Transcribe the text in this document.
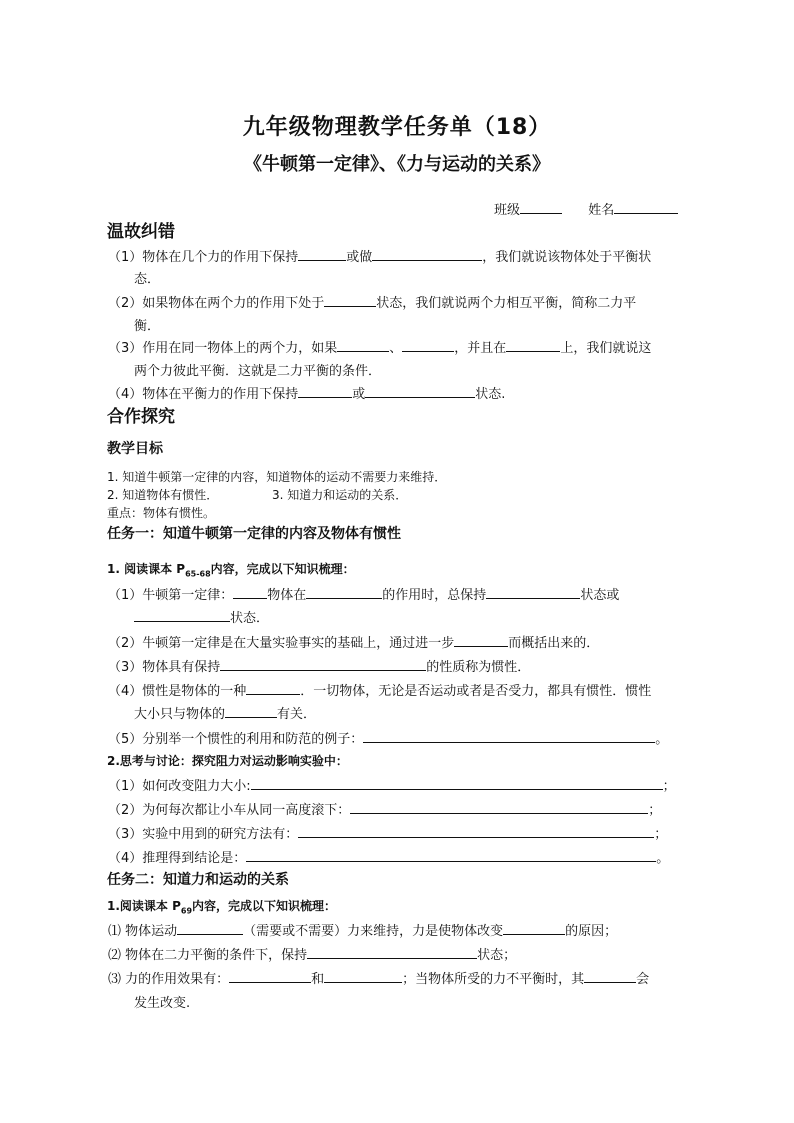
九年级物理教学任务单（18）
《牛顿第一定律》、《力与运动的关系》
班级	姓名
温故纠错
（1）物体在几个力的作用下保持	或做	，我们就说该物体处于平衡状
态．
（2）如果物体在两个力的作用下处于	状态，我们就说两个力相互平衡，简称二力平
衡．
（3）作用在同一物体上的两个力，如果	、	，并且在	上，我们就说这
两个力彼此平衡．这就是二力平衡的条件．
（4）物体在平衡力的作用下保持	或	状态.
合作探究
教学目标
1. 知道牛顿第一定律的内容，知道物体的运动不需要力来维持．
2. 知道物体有惯性．	3. 知道力和运动的关系．
重点：物体有惯性。
任务一：知道牛顿第一定律的内容及物体有惯性
1. 阅读课本 $P_{65-68}$内容，完成以下知识梳理：
（1）牛顿第一定律：	物体在	的作用时，总保持	状态或
状态．
（2）牛顿第一定律是在大量实验事实的基础上，通过进一步	而概括出来的．
（3）物体具有保持	的性质称为惯性．
（4）惯性是物体的一种	．一切物体，无论是否运动或者是否受力，都具有惯性．惯性
大小只与物体的	有关．
（5）分别举一个惯性的利用和防范的例子：	。
2.思考与讨论：探究阻力对运动影响实验中：
（1）如何改变阻力大小:	；
（2）为何每次都让小车从同一高度滚下：	；
（3）实验中用到的研究方法有：	；
（4）推理得到结论是：	。
任务二：知道力和运动的关系
1.阅读课本 $P_{69}$内容，完成以下知识梳理：
⑴ 物体运动	（需要或不需要）力来维持，力是使物体改变	的原因；
⑵ 物体在二力平衡的条件下，保持	状态；
⑶ 力的作用效果有：	和	；当物体所受的力不平衡时，其	会
发生改变.
